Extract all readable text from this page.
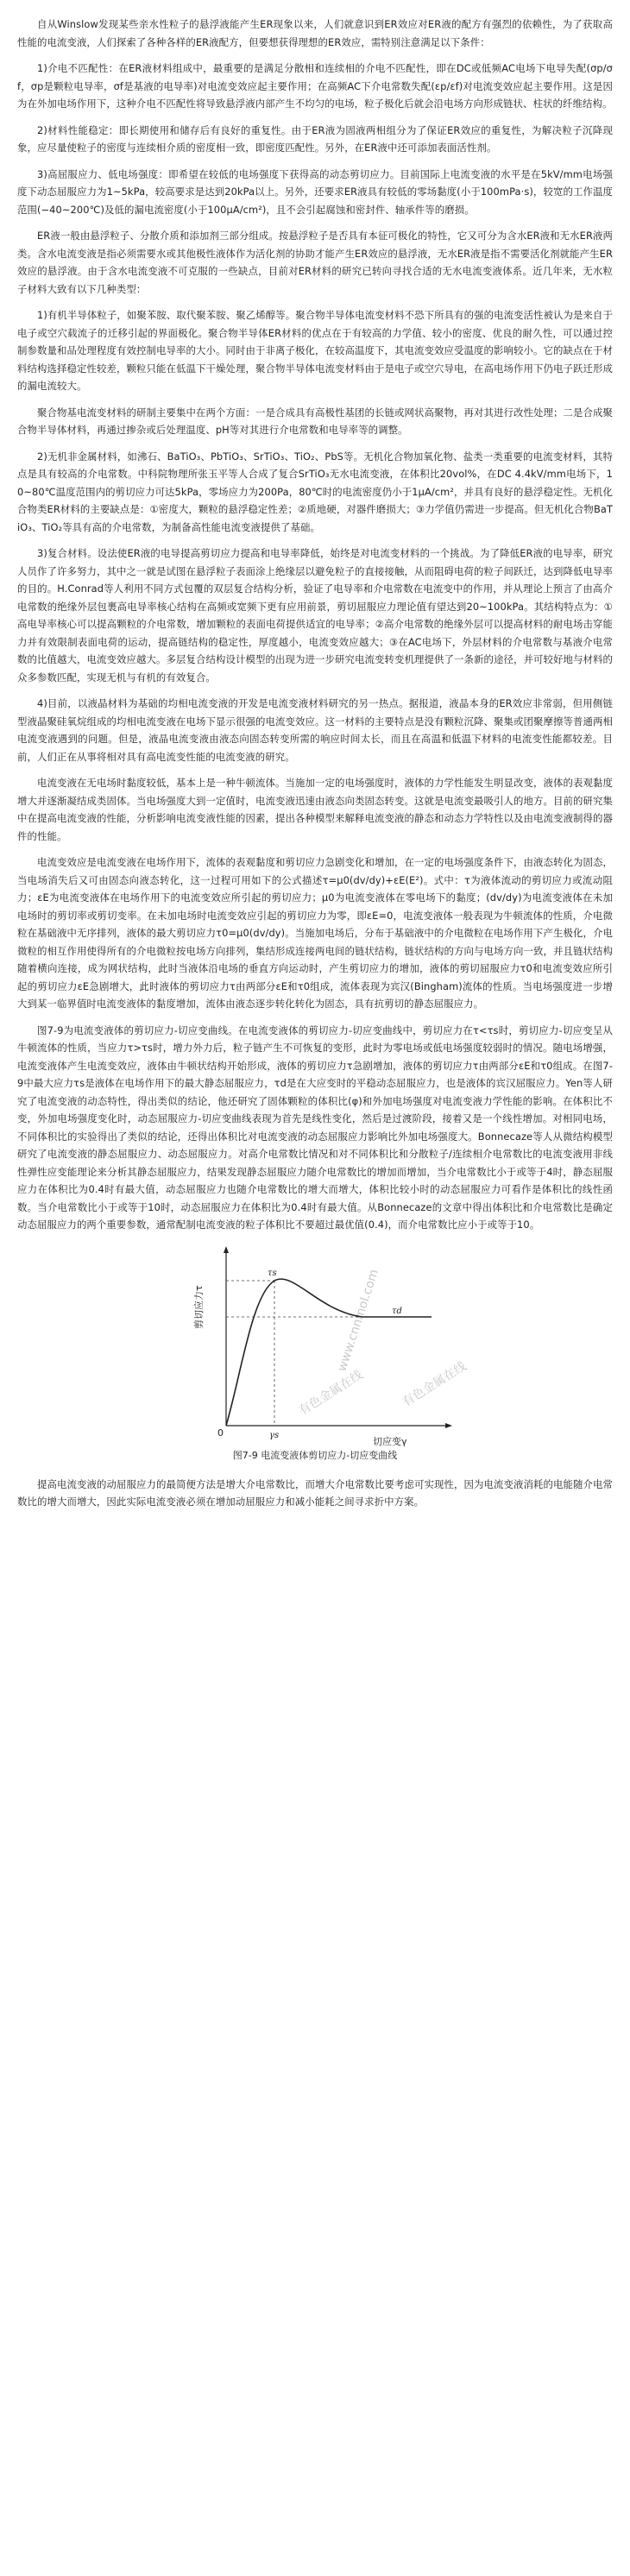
自从Winslow发现某些亲水性粒子的悬浮液能产生ER现象以来，人们就意识到ER效应对ER液的配方有强烈的依赖性，为了获取高性能的电流变液，人们探索了各种各样的ER液配方，但要想获得理想的ER效应，需特别注意满足以下条件：

1)介电不匹配性：在ER液材料组成中，最重要的是满足分散相和连续相的介电不匹配性，即在DC或低频AC电场下电导失配(σp/σf，σp是颗粒电导率，σf是基液的电导率)对电流变效应起主要作用；在高频AC下介电常数失配(εp/εf)对电流变效应起主要作用。这是因为在外加电场作用下，这种介电不匹配性将导致悬浮液内部产生不均匀的电场，粒子极化后就会沿电场方向形成链状、柱状的纤维结构。

2)材料性能稳定：即长期使用和储存后有良好的重复性。由于ER液为固液两相组分为了保证ER效应的重复性，为解决粒子沉降现象，应尽量使粒子的密度与连续相介质的密度相一致，即密度匹配性。另外，在ER液中还可添加表面活性剂。

3)高屈服应力、低电场强度：即希望在较低的电场强度下获得高的动态剪切应力。目前国际上电流变液的水平是在5kV/mm电场强度下动态屈服应力为1~5kPa，较高要求是达到20kPa以上。另外，还要求ER液具有较低的零场黏度(小于100mPa·s)，较宽的工作温度范围(−40~200℃)及低的漏电流密度(小于100μA/cm²)，且不会引起腐蚀和密封件、轴承件等的磨损。

ER液一般由悬浮粒子、分散介质和添加剂三部分组成。按悬浮粒子是否具有本征可极化的特性，它又可分为含水ER液和无水ER液两类。含水电流变液是指必须需要水或其他极性液体作为活化剂的协助才能产生ER效应的悬浮液，无水ER液是指不需要活化剂就能产生ER效应的悬浮液。由于含水电流变液不可克服的一些缺点，目前对ER材料的研究已转向寻找合适的无水电流变液体系。近几年来，无水粒子材料大致有以下几种类型：

1)有机半导体粒子，如聚苯胺、取代聚苯胺、聚乙烯醇等。聚合物半导体电流变材料不恐下所具有的强的电流变活性被认为是来自于电子或空穴载流子的迁移引起的界面极化。聚合物半导体ER材料的优点在于有较高的力学值、较小的密度、优良的耐久性，可以通过控制参数量和品处理程度有效控制电导率的大小。同时由于非离子极化，在较高温度下，其电流变效应受温度的影响较小。它的缺点在于材料结构选择稳定性较差，颗粒只能在低温下干燥处理，聚合物半导体电流变材料由于是电子或空穴导电，在高电场作用下仍电子跃迁形成的漏电流较大。

聚合物基电流变材料的研制主要集中在两个方面：一是合成具有高极性基团的长链或网状高聚物，再对其进行改性处理；二是合成聚合物半导体材料，再通过掺杂或后处理温度、pH等对其进行介电常数和电导率等的调整。

2)无机非金属材料，如沸石、BaTiO₃、PbTiO₃、SrTiO₃、TiO₂、PbS等。无机化合物加氧化物、盐类一类重要的电流变材料，其特点是具有较高的介电常数。中科院物理所张玉平等人合成了复合SrTiO₃无水电流变液，在体积比20vol%，在DC 4.4kV/mm电场下，10~80℃温度范围内的剪切应力可达5kPa，零场应力为200Pa，80℃时的电流密度仍小于1μA/cm²，并具有良好的悬浮稳定性。无机化合物类ER材料的主要缺点是：①密度大，颗粒的悬浮稳定性差；②质地硬，对器件磨损大；③力学值仍需进一步提高。但无机化合物BaTiO₃、TiO₂等具有高的介电常数，为制备高性能电流变液提供了基础。

3)复合材料。设法使ER液的电导提高剪切应力提高和电导率降低，始终是对电流变材料的一个挑战。为了降低ER液的电导率，研究人员作了许多努力，其中之一就是试图在悬浮粒子表面涂上绝缘层以避免粒子的直接接触，从而阻碍电荷的粒子间跃迁，达到降低电导率的目的。H.Conrad等人利用不同方式包覆的双层复合结构分析，验证了电导率和介电常数在电流变中的作用，并从理论上预言了由高介电常数的绝缘外层包裹高电导率核心结构在高频或宽频下更有应用前景，剪切屈服应力理论值有望达到20~100kPa。其结构特点为：①高电导率核心可以提高颗粒的介电常数，增加颗粒的表面电荷提供适宜的电导率；②高介电常数的绝缘外层可以提高材料的耐电场击穿能力并有效限制表面电荷的运动，提高链结构的稳定性，厚度越小，电流变效应越大；③在AC电场下，外层材料的介电常数与基液介电常数的比值越大，电流变效应越大。多层复合结构设计模型的出现为进一步研究电流变转变机理提供了一条新的途径，并可较好地与材料的众多参数匹配，实现无机与有机的有效复合。

4)目前，以液晶材料为基础的均相电流变液的开发是电流变液材料研究的另一热点。据报道，液晶本身的ER效应非常弱，但用侧链型液晶聚硅氧烷组成的均相电流变液在电场下显示很强的电流变效应。这一材料的主要特点是没有颗粒沉降、聚集或团聚摩擦等普通两相电流变液遇到的问题。但是，液晶电流变液由液态向固态转变所需的响应时间太长，而且在高温和低温下材料的电流变性能都较差。目前，人们正在从事将相对具有高电流变性能的电流变液的研究。

电流变液在无电场时黏度较低，基本上是一种牛顿流体。当施加一定的电场强度时，液体的力学性能发生明显改变，液体的表观黏度增大并逐渐凝结成类固体。当电场强度大到一定值时，电流变液迅速由液态向类固态转变。这就是电流变最吸引人的地方。目前的研究集中在提高电流变液的性能，分析影响电流变液性能的因素，提出各种模型来解释电流变液的静态和动态力学特性以及由电流变液制得的器件的性能。

电流变效应是电流变液在电场作用下，流体的表观黏度和剪切应力急剧变化和增加，在一定的电场强度条件下，由液态转化为固态，当电场消失后又可由固态向液态转化，这一过程可用如下的公式描述τ=μ0(dv/dy)+εE(E²)。式中：τ为液体流动的剪切应力或流动阻力；εE为电流变液体在电场作用下的电流变效应所引起的剪切应力；μ0为电流变液体在零电场下的黏度；(dv/dy)为电流变液体在未加电场时的剪切率或剪切变率。在未加电场时电流变效应引起的剪切应力为零，即εE=0，电流变液体一般表现为牛顿流体的性质，介电微粒在基础液中无序排列，液体的最大剪切应力τ0=μ0(dv/dy)。当施加电场后，分布于基础液中的介电微粒在电场作用下产生极化，介电微粒的相互作用使得所有的介电微粒按电场方向排列，集结形成连接两电间的链状结构，链状结构的方向与电场方向一致，并且链状结构随着横向连接，成为网状结构，此时当液体沿电场的垂直方向运动时，产生剪切应力的增加，液体的剪切屈服应力τ0和电流变效应所引起的剪切应力εE急剧增大，此时液体的剪切应力τ由两部分εE和τ0组成，流体表现为宾汉(Bingham)流体的性质。当电场强度进一步增大到某一临界值时电流变液体的黏度增加，流体由液态逐步转化转化为固态，具有抗剪切的静态屈服应力。

图7-9为电流变液体的剪切应力-切应变曲线。在电流变液体的剪切应力-切应变曲线中，剪切应力在τ<τs时，剪切应力-切应变呈从牛顿流体的性质，当应力τ>τs时，增力外力后，粒子链产生不可恢复的变形，此时为零电场或低电场强度较弱时的情况。随电场增强，电流变液体产生电流变效应，液体由牛顿状结构开始形成，液体的剪切应力τ急剧增加，液体的剪切应力τ由两部分εE和τ0组成。在图7-9中最大应力τs是液体在电场作用下的最大静态屈服应力，τd是在大应变时的平稳动态屈服应力，也是液体的宾汉屈服应力。Yen等人研究了电流变液的动态特性，得出类似的结论，他还研究了固体颗粒的体积比(φ)和外加电场强度对电流变液力学性能的影响。在体积比不变，外加电场强度变化时，动态屈服应力-切应变曲线表现为首先是线性变化，然后是过渡阶段，接着又是一个线性增加。对相同电场，不同体积比的实验得出了类似的结论，还得出体积比对电流变液的动态屈服应力影响比外加电场强度大。Bonnecaze等人从微结构模型研究了电流变液的静态屈服应力、动态屈服应力。对高介电常数比情况和对不同体积比和分散粒子/连续相介电常数比的电流变液用非线性弹性应变能理论来分析其静态屈服应力，结果发现静态屈服应力随介电常数比的增加而增加，当介电常数比小于或等于4时，静态屈服应力在体积比为0.4时有最大值，动态屈服应力也随介电常数比的增大而增大，体积比较小时的动态屈服应力可看作是体积比的线性函数。当介电常数比小于或等于10时，动态屈服应力在体积比为0.4时有最大值。从Bonnecaze的文章中得出体积比和介电常数比是确定动态屈服应力的两个重要参数，通常配制电流变液的粒子体积比不要超过最优值(0.4)，而介电常数比应小于或等于10。

有色金属在线
www.cnnmol.com
有色金属在线
τs
τd
γs
0
剪切应力τ
切应变γ
图7-9 电流变液体剪切应力-切应变曲线

提高电流变液的动屈服应力的最简便方法是增大介电常数比，而增大介电常数比要考虑可实现性，因为电流变液消耗的电能随介电常数比的增大而增大，因此实际电流变液必须在增加动屈服应力和减小能耗之间寻求折中方案。
